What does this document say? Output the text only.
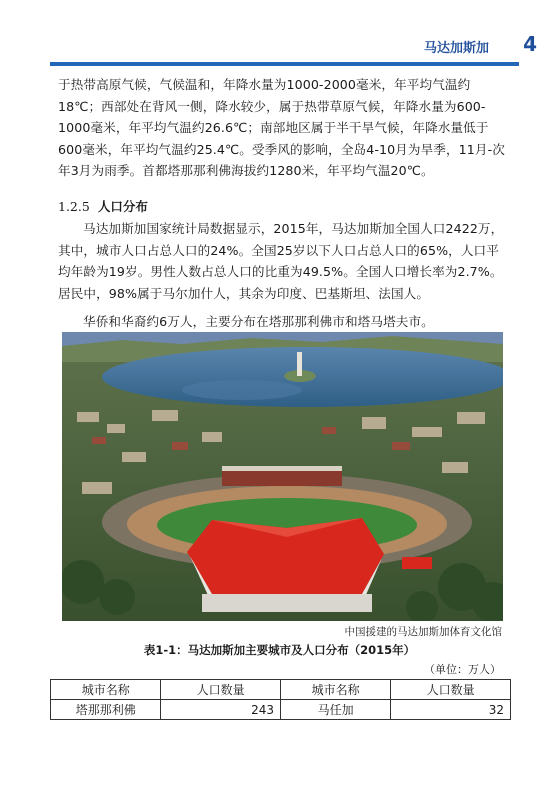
马达加斯加 4
于热带高原气候，气候温和，年降水量为1000-2000毫米，年平均气温约18℃；西部处在背风一侧，降水较少，属于热带草原气候，年降水量为600-1000毫米，年平均气温约26.6℃；南部地区属于半干旱气候，年降水量低于600毫米，年平均气温约25.4℃。受季风的影响，全岛4-10月为旱季，11月-次年3月为雨季。首都塔那那利佛海拔约1280米，年平均气温20℃。
1.2.5 人口分布
马达加斯加国家统计局数据显示，2015年，马达加斯加全国人口2422万，其中，城市人口占总人口的24%。全国25岁以下人口占总人口的65%，人口平均年龄为19岁。男性人数占总人口的比重为49.5%。全国人口增长率为2.7%。居民中，98%属于马尔加什人，其余为印度、巴基斯坦、法国人。
华侨和华裔约6万人，主要分布在塔那那利佛市和塔马塔夫市。
中国援建的马达加斯加体育文化馆
表1-1：马达加斯加主要城市及人口分布（2015年）
（单位：万人）
城市名称	人口数量	城市名称	人口数量
塔那那利佛	243	马任加	32
